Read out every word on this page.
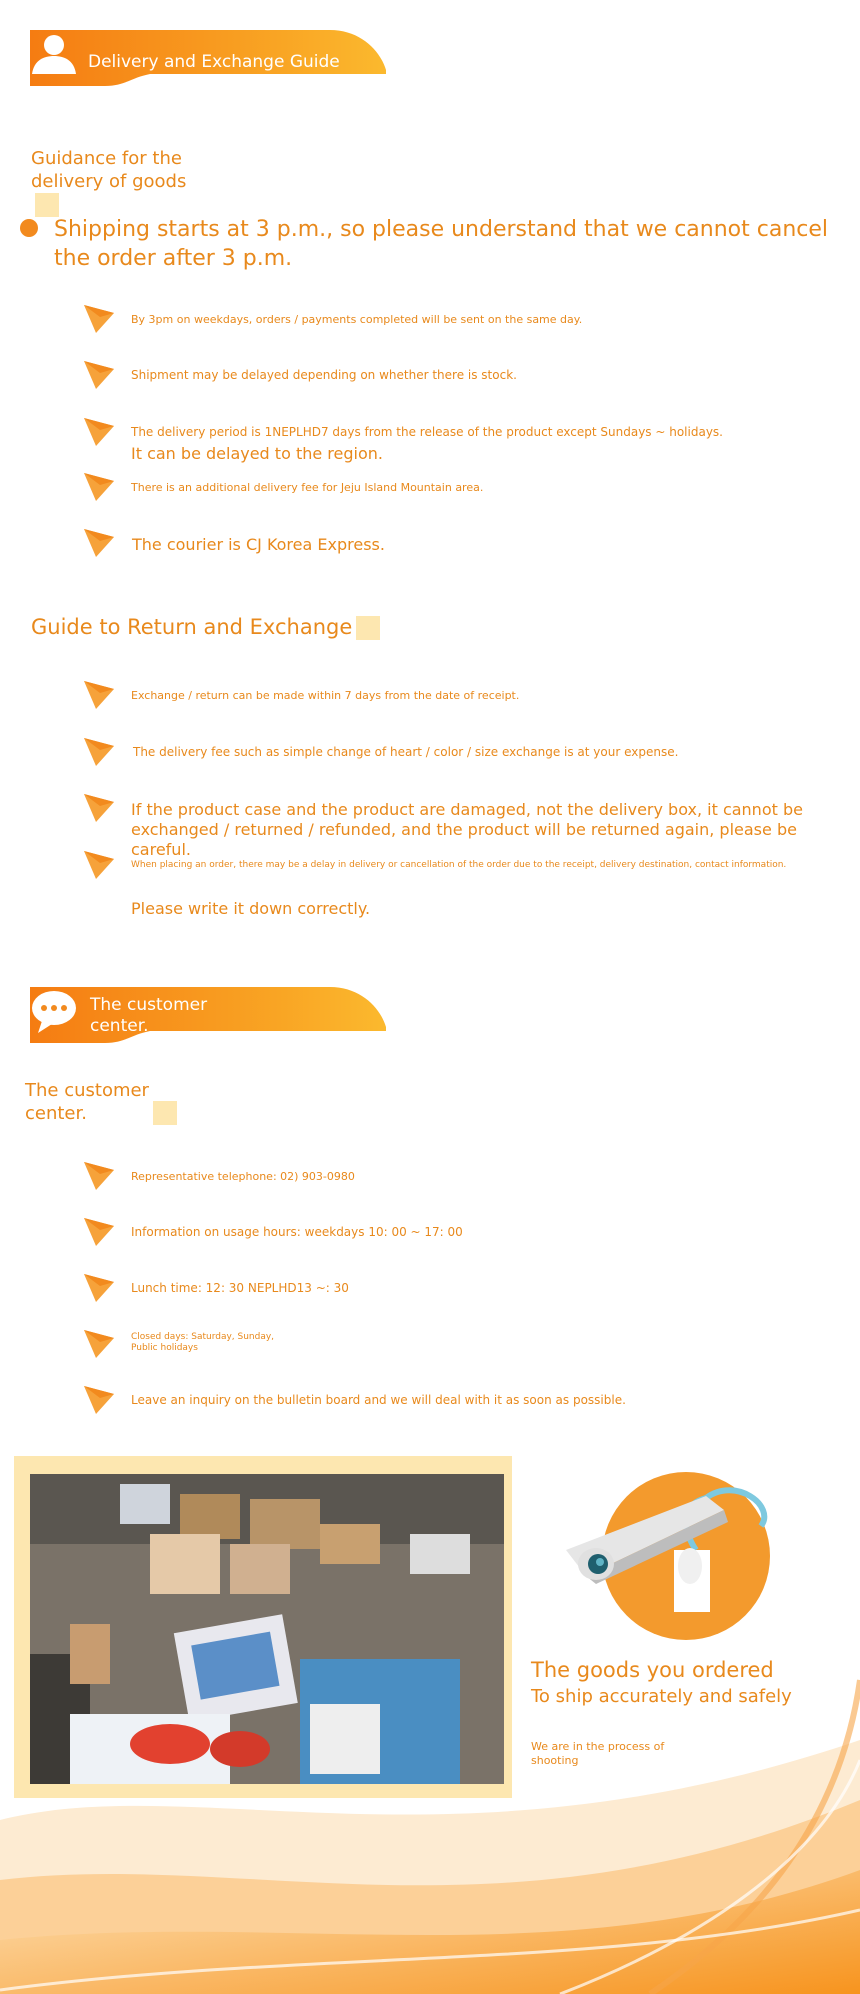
Delivery and Exchange Guide
Guidance for the delivery of goods
Shipping starts at 3 p.m., so please understand that we cannot cancel the order after 3 p.m.
By 3pm on weekdays, orders / payments completed will be sent on the same day.
Shipment may be delayed depending on whether there is stock.
The delivery period is 1NEPLHD7 days from the release of the product except Sundays ~ holidays.
It can be delayed to the region.
There is an additional delivery fee for Jeju Island Mountain area.
The courier is CJ Korea Express.
Guide to Return and Exchange
Exchange / return can be made within 7 days from the date of receipt.
The delivery fee such as simple change of heart / color / size exchange is at your expense.
If the product case and the product are damaged, not the delivery box, it cannot be exchanged / returned / refunded, and the product will be returned again, please be careful.
When placing an order, there may be a delay in delivery or cancellation of the order due to the receipt, delivery destination, contact information.
Please write it down correctly.
The customer center.
The customer center.
Representative telephone: 02) 903-0980
Information on usage hours: weekdays 10: 00 ~ 17: 00
Lunch time: 12: 30 NEPLHD13 ~: 30
Closed days: Saturday, Sunday, Public holidays
Leave an inquiry on the bulletin board and we will deal with it as soon as possible.
The goods you ordered
To ship accurately and safely
We are in the process of shooting
